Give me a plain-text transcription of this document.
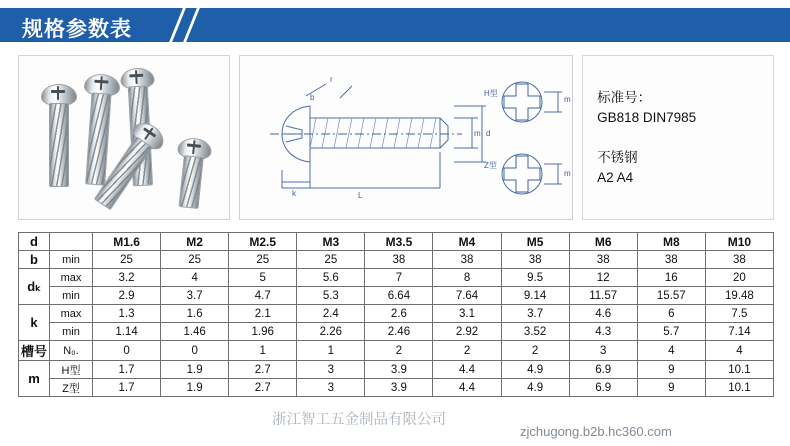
规格参数表
k	L
m d
b
r
H型
Z型
m
m
标准号：
GB818 DIN7985
不锈钢
A2 A4
d		M1.6	M2	M2.5	M3	M3.5	M4	M5	M6	M8	M10
b	min	25	25	25	25	38	38	38	38	38	38
dₖ	max	3.2	4	5	5.6	7	8	9.5	12	16	20
	min	2.9	3.7	4.7	5.3	6.64	7.64	9.14	11.57	15.57	19.48
k	max	1.3	1.6	2.1	2.4	2.6	3.1	3.7	4.6	6	7.5
	min	1.14	1.46	1.96	2.26	2.46	2.92	3.52	4.3	5.7	7.14
槽号	N₀.	0	0	1	1	2	2	2	3	4	4
m	H型	1.7	1.9	2.7	3	3.9	4.4	4.9	6.9	9	10.1
	Z型	1.7	1.9	2.7	3	3.9	4.4	4.9	6.9	9	10.1
浙江智工五金制品有限公司
zjchugong.b2b.hc360.com
